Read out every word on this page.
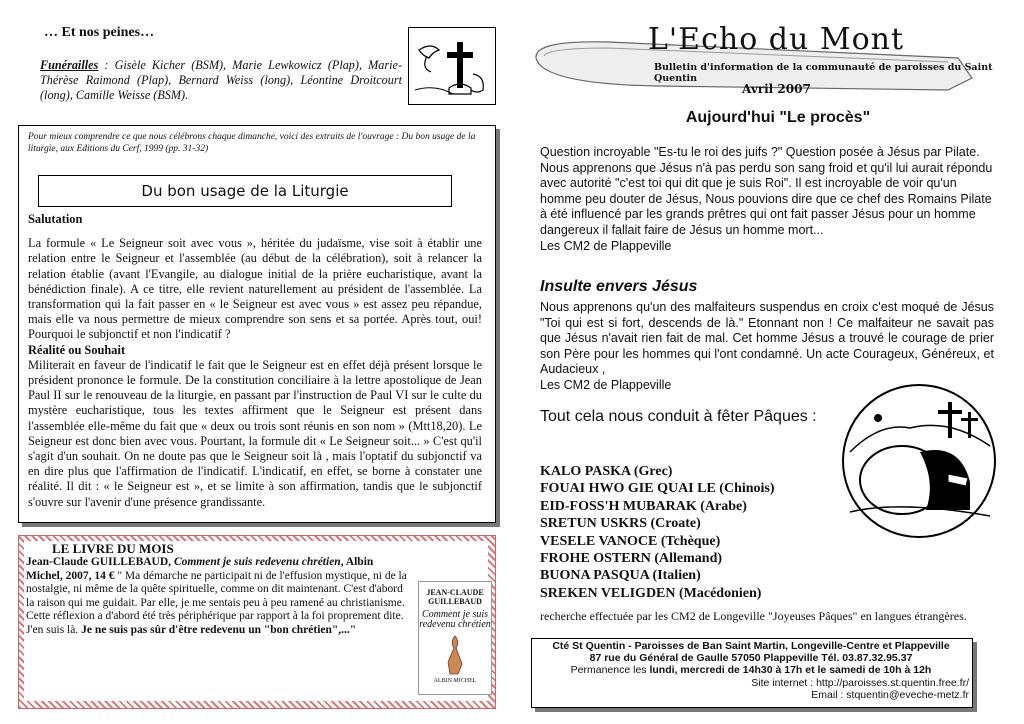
… Et nos peines…
Funérailles : Gisèle Kicher (BSM), Marie Lewkowicz (Plap), Marie-Thérèse Raimond (Plap), Bernard Weiss (long), Léontine Droitcourt (long), Camille Weisse (BSM).
Pour mieux comprendre ce que nous célébrons chaque dimanche, voici des extraits de l'ouvrage : Du bon usage de la liturgie, aux Editions du Cerf, 1999 (pp. 31-32)
Du bon usage de la Liturgie

Salutation

La formule « Le Seigneur soit avec vous », héritée du judaïsme, vise soit à établir une relation entre le Seigneur et l'assemblée (au début de la célébration), soit à relancer la relation établie (avant l'Evangile, au dialogue initial de la prière eucharistique, avant la bénédiction finale). A ce titre, elle revient naturellement au président de l'assemblée. La transformation qui la fait passer en « le Seigneur est avec vous » est assez peu répandue, mais elle va nous permettre de mieux comprendre son sens et sa portée. Après tout, oui! Pourquoi le subjonctif et non l'indicatif ?

Réalité ou Souhait

Militerait en faveur de l'indicatif le fait que le Seigneur est en effet déjà présent lorsque le président prononce le formule. De la constitution conciliaire à la lettre apostolique de Jean Paul II sur le renouveau de la liturgie, en passant par l'instruction de Paul VI sur le culte du mystère eucharistique, tous les textes affirment que le Seigneur est présent dans l'assemblée elle-même du fait que « deux ou trois sont réunis en son nom » (Mtt18,20). Le Seigneur est donc bien avec vous. Pourtant, la formule dit « Le Seigneur soit... » C'est qu'il s'agit d'un souhait. On ne doute pas que le Seigneur soit là , mais l'optatif du subjonctif va en dire plus que l'affirmation de l'indicatif. L'indicatif, en effet, se borne à constater une réalité. Il dit : « le Seigneur est », et se limite à son affirmation, tandis que le subjonctif s'ouvre sur l'avenir d'une présence grandissante.

LE LIVRE DU MOIS
Jean-Claude GUILLEBAUD, Comment je suis redevenu chrétien, Albin Michel, 2007, 14 € " Ma démarche ne participait ni de l'effusion mystique, ni de la nostalgie, ni même de la quête spirituelle, comme on dit maintenant. C'est d'abord la raison qui me guidait. Par elle, je me sentais peu à peu ramené au christianisme. Cette réflexion a d'abord été très périphérique par rapport à la foi proprement dite. J'en suis là. Je ne suis pas sûr d'être redevenu un "bon chrétien",..."
JEAN-CLAUDE GUILLEBAUD
Comment je suis redevenu chrétien
ALBIN MICHEL
L'Echo du Mont
Bulletin d'information de la communauté de paroisses du Saint Quentin
Avril 2007
Aujourd'hui "Le procès"
Question incroyable "Es-tu le roi des juifs ?" Question posée à Jésus par Pilate. Nous apprenons que Jésus n'à pas perdu son sang froid et qu'il lui aurait répondu avec autorité "c'est toi qui dit que je suis Roi". Il est incroyable de voir qu'un homme peu douter de Jésus, Nous pouvions dire que ce chef des Romains Pilate à été influencé par les grands prêtres qui ont fait passer Jésus pour un homme dangereux il fallait faire de Jésus un homme mort...
Les CM2 de Plappeville
Insulte envers Jésus
Nous apprenons qu'un des malfaiteurs suspendus en croix c'est moqué de Jésus "Toi qui est si fort, descends de là." Etonnant non ! Ce malfaiteur ne savait pas que Jésus n'avait rien fait de mal. Cet homme Jésus a trouvé le courage de prier son Père pour les hommes qui l'ont condamné. Un acte Courageux, Généreux, et Audacieux ,
Les CM2 de Plappeville
Tout cela nous conduit à fêter Pâques :
KALO PASKA (Grec)
FOUAI HWO GIE QUAI LE (Chinois)
EID-FOSS'H MUBARAK (Arabe)
SRETUN USKRS (Croate)
VESELE VANOCE (Tchèque)
FROHE OSTERN (Allemand)
BUONA PASQUA (Italien)
SREKEN VELIGDEN (Macédonien)
recherche effectuée par les CM2 de Longeville "Joyeuses Pâques" en langues étrangères.
Cté St Quentin - Paroisses de Ban Saint Martin, Longeville-Centre et Plappeville
87 rue du Général de Gaulle 57050 Plappeville Tél. 03.87.32.95.37
Permanence les lundi, mercredi de 14h30 à 17h et le samedi de 10h à 12h
Site internet : http://paroisses.st.quentin.free.fr/
Email : stquentin@eveche-metz.fr
